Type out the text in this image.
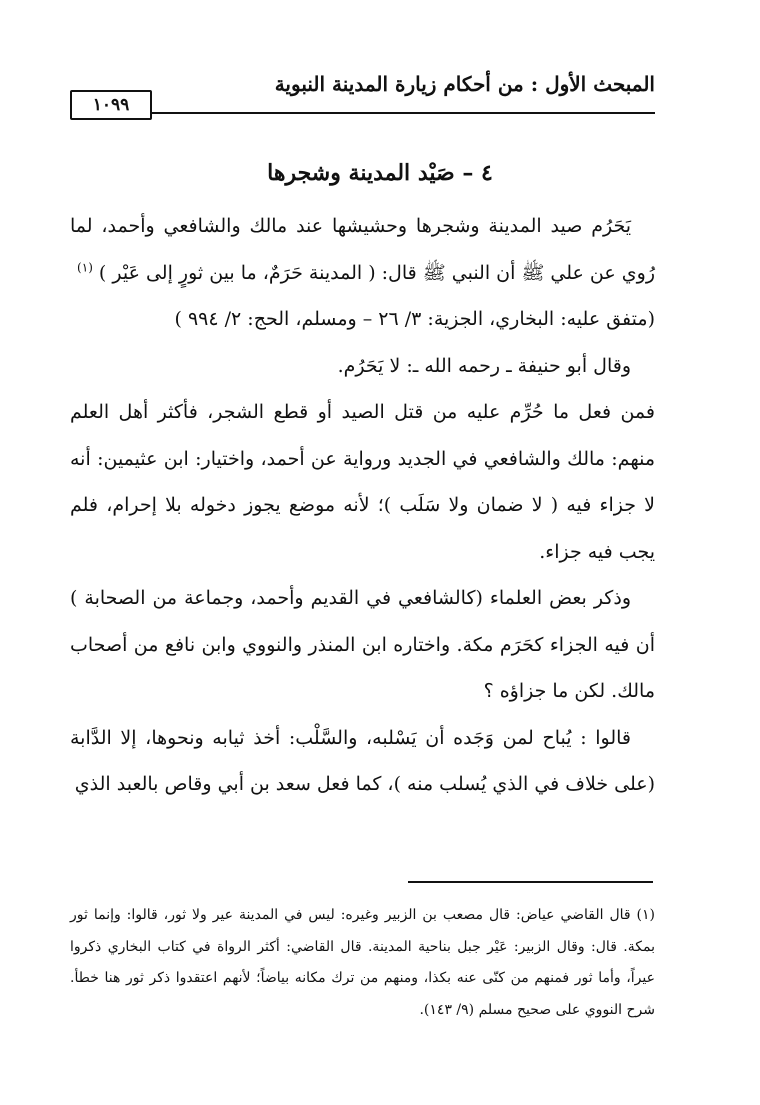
المبحث الأول : من أحكام زيارة المدينة النبوية
١٠٩٩
٤ – صَيْد المدينة وشجرها

يَحَرُم صيد المدينة وشجرها وحشيشها عند مالك والشافعي وأحمد، لما رُوي عن علي ﷺ أن النبي ﷺ قال: ( المدينة حَرَمٌ، ما بين ثورٍ إلى عَيْر ) $^{(١)}$

(متفق عليه: البخاري، الجزية: ٣/ ٢٦ – ومسلم، الحج: ٢/ ٩٩٤ )

وقال أبو حنيفة ـ رحمه الله ـ: لا يَحَرُم.

فمن فعل ما حُرِّم عليه من قتل الصيد أو قطع الشجر، فأكثر أهل العلم منهم: مالك والشافعي في الجديد ورواية عن أحمد، واختيار: ابن عثيمين: أنه لا جزاء فيه ( لا ضمان ولا سَلَب )؛ لأنه موضع يجوز دخوله بلا إحرام، فلم يجب فيه جزاء.

وذكر بعض العلماء (كالشافعي في القديم وأحمد، وجماعة من الصحابة ) أن فيه الجزاء كحَرَم مكة. واختاره ابن المنذر والنووي وابن نافع من أصحاب مالك. لكن ما جزاؤه ؟

قالوا : يُباح لمن وَجَده أن يَسْلبه، والسَّلْب: أخذ ثيابه ونحوها، إلا الدَّابة (على خلاف في الذي يُسلب منه )، كما فعل سعد بن أبي وقاص بالعبد الذي

(١) قال القاضي عياض: قال مصعب بن الزبير وغيره: ليس في المدينة عير ولا ثور، قالوا: وإنما ثور بمكة. قال: وقال الزبير: عَيْر جبل بناحية المدينة. قال القاضي: أكثر الرواة في كتاب البخاري ذكروا عيراً، وأما ثور فمنهم من كنّى عنه بكذا، ومنهم من ترك مكانه بياضاً؛ لأنهم اعتقدوا ذكر ثور هنا خطأ. شرح النووي على صحيح مسلم (٩/ ١٤٣).
